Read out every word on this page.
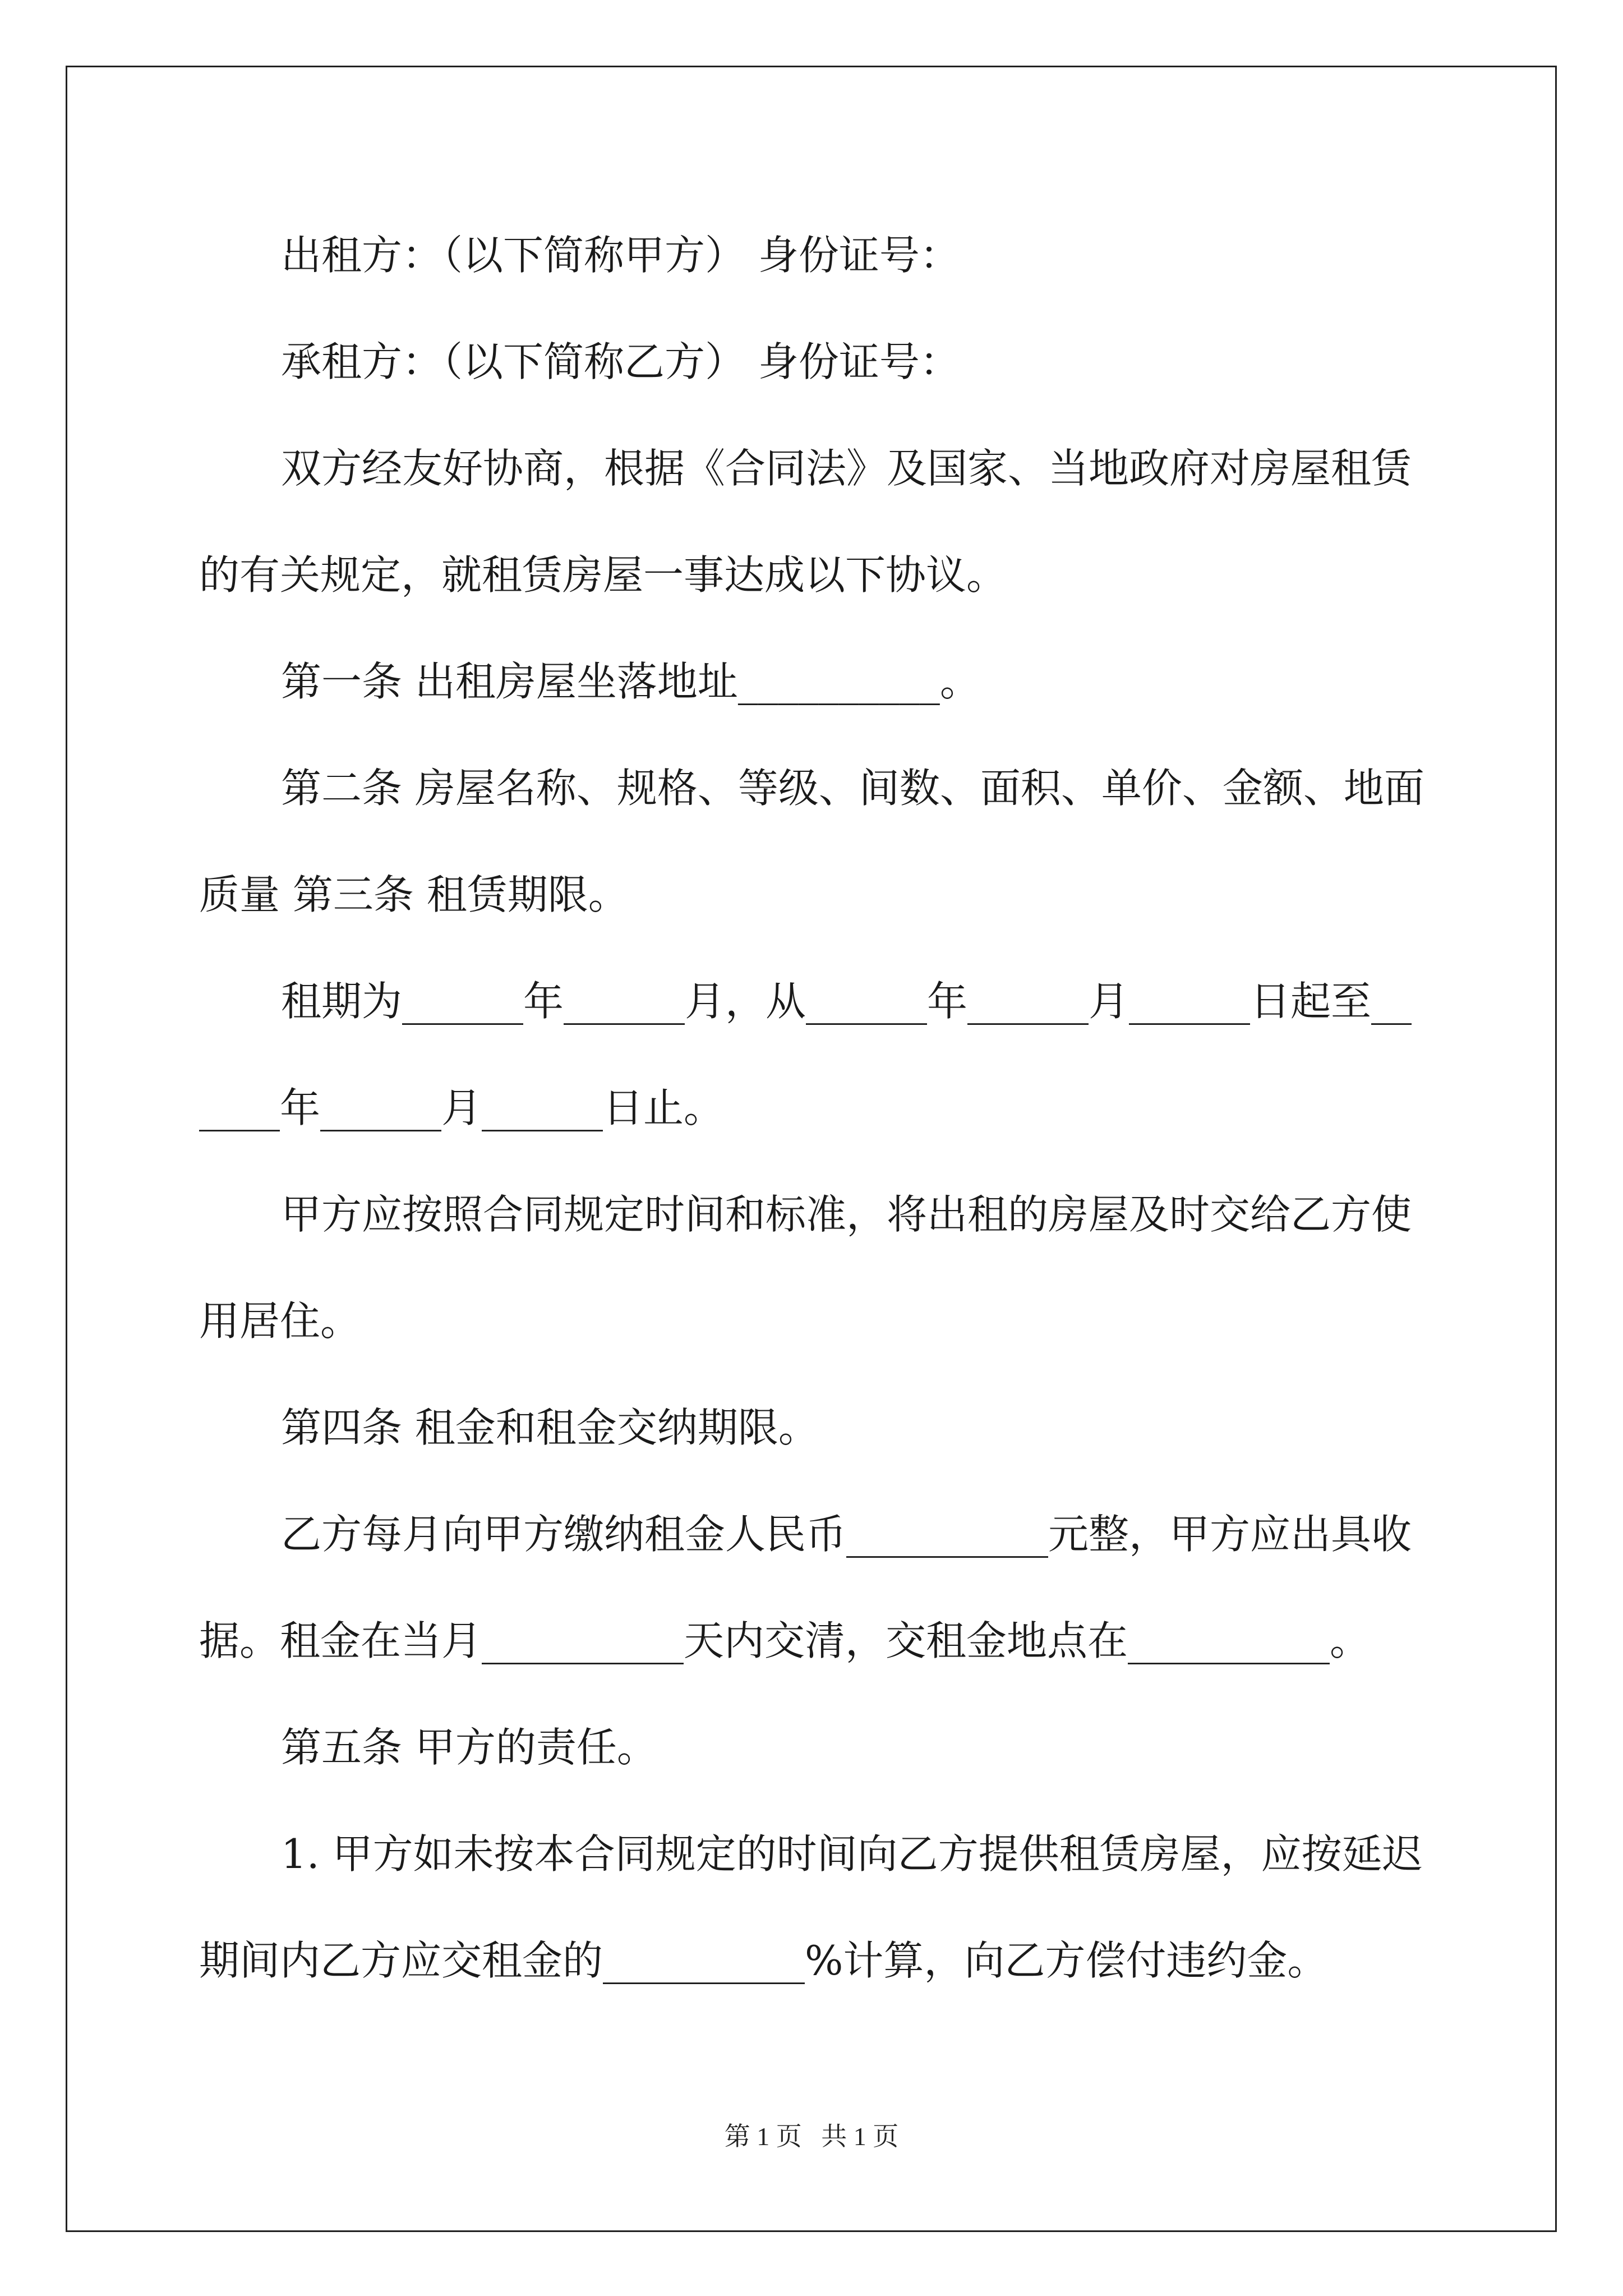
出租方：（以下简称甲方） 身份证号：
承租方：（以下简称乙方） 身份证号：
双方经友好协商，根据《合同法》及国家、当地政府对房屋租赁
的有关规定，就租赁房屋一事达成以下协议。
第一条 出租房屋坐落地址__________。
第二条 房屋名称、规格、等级、间数、面积、单价、金额、地面
质量 第三条 租赁期限。
租期为______年______月，从______年______月______日起至__
____年______月______日止。
甲方应按照合同规定时间和标准，将出租的房屋及时交给乙方使
用居住。
第四条 租金和租金交纳期限。
乙方每月向甲方缴纳租金人民币__________元整，甲方应出具收
据。租金在当月__________天内交清，交租金地点在__________。
第五条 甲方的责任。
1. 甲方如未按本合同规定的时间向乙方提供租赁房屋，应按延迟
期间内乙方应交租金的__________%计算，向乙方偿付违约金。
第 1 页   共 1 页
